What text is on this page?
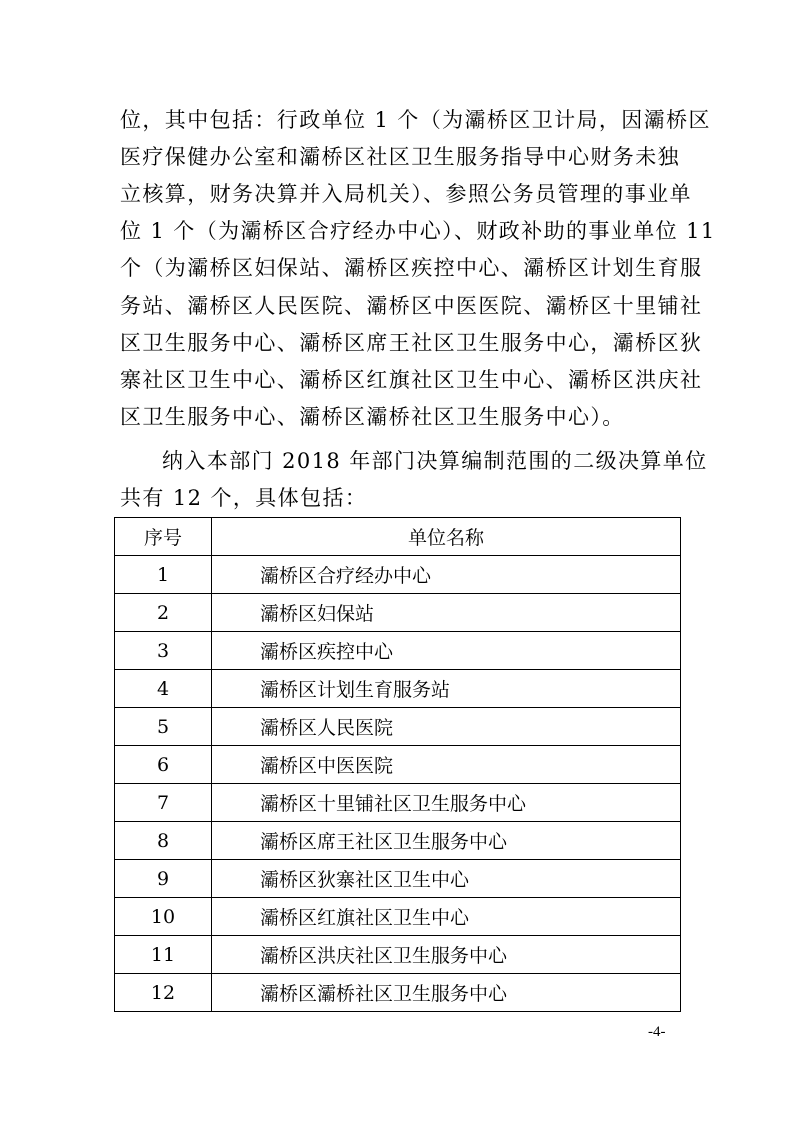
位，其中包括：行政单位 1 个（为灞桥区卫计局，因灞桥区

医疗保健办公室和灞桥区社区卫生服务指导中心财务未独

立核算，财务决算并入局机关）、参照公务员管理的事业单

位 1 个（为灞桥区合疗经办中心）、财政补助的事业单位 11

个（为灞桥区妇保站、灞桥区疾控中心、灞桥区计划生育服

务站、灞桥区人民医院、灞桥区中医医院、灞桥区十里铺社

区卫生服务中心、灞桥区席王社区卫生服务中心，灞桥区狄

寨社区卫生中心、灞桥区红旗社区卫生中心、灞桥区洪庆社

区卫生服务中心、灞桥区灞桥社区卫生服务中心）。

纳入本部门 2018 年部门决算编制范围的二级决算单位

共有 12 个，具体包括：

序号	单位名称
1	灞桥区合疗经办中心
2	灞桥区妇保站
3	灞桥区疾控中心
4	灞桥区计划生育服务站
5	灞桥区人民医院
6	灞桥区中医医院
7	灞桥区十里铺社区卫生服务中心
8	灞桥区席王社区卫生服务中心
9	灞桥区狄寨社区卫生中心
10	灞桥区红旗社区卫生中心
11	灞桥区洪庆社区卫生服务中心
12	灞桥区灞桥社区卫生服务中心
-4-
